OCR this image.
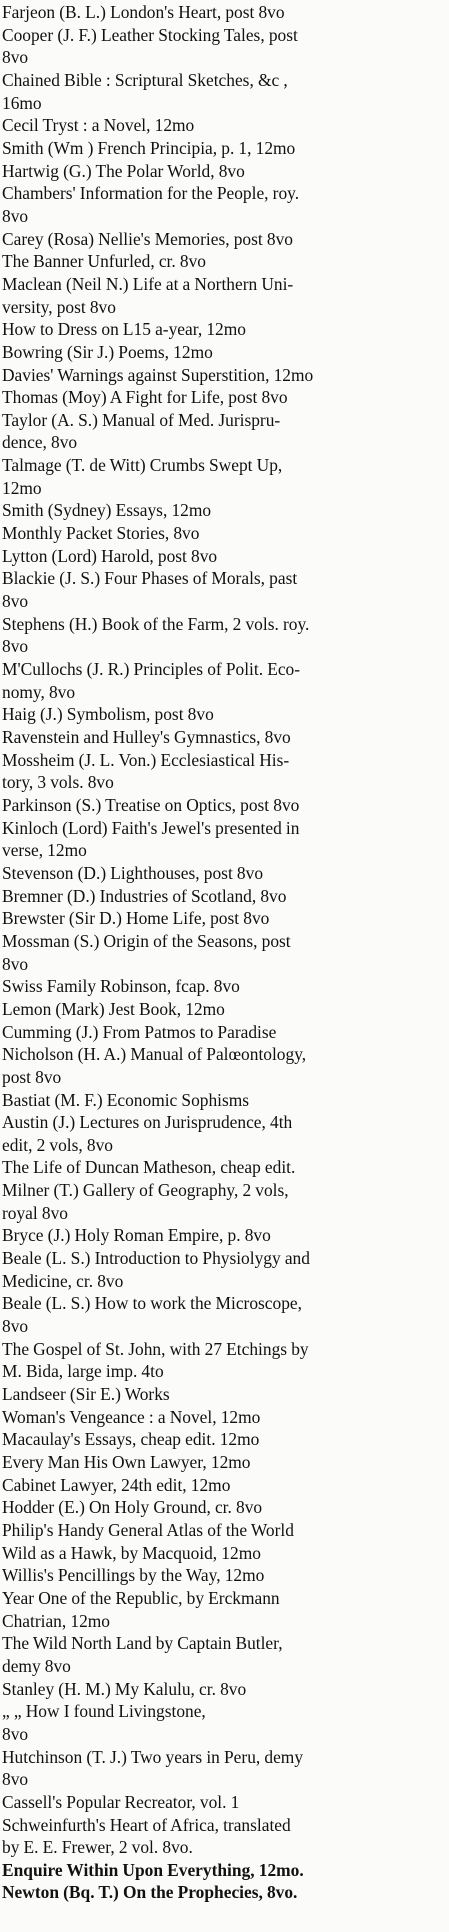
Farjeon (B. L.) London's Heart, post 8vo
Cooper (J. F.) Leather Stocking Tales, post
8vo
Chained Bible : Scriptural Sketches, &c ,
16mo
Cecil Tryst : a Novel, 12mo
Smith (Wm ) French Principia, p. 1, 12mo
Hartwig (G.) The Polar World, 8vo
Chambers' Information for the People, roy.
8vo
Carey (Rosa) Nellie's Memories, post 8vo
The Banner Unfurled, cr. 8vo
Maclean (Neil N.) Life at a Northern Uni-
versity, post 8vo
How to Dress on L15 a-year, 12mo
Bowring (Sir J.) Poems, 12mo
Davies' Warnings against Superstition, 12mo
Thomas (Moy) A Fight for Life, post 8vo
Taylor (A. S.) Manual of Med. Jurispru-
dence, 8vo
Talmage (T. de Witt) Crumbs Swept Up,
12mo
Smith (Sydney) Essays, 12mo
Monthly Packet Stories, 8vo
Lytton (Lord) Harold, post 8vo
Blackie (J. S.) Four Phases of Morals, past
8vo
Stephens (H.) Book of the Farm, 2 vols. roy.
8vo
M'Cullochs (J. R.) Principles of Polit. Eco-
nomy, 8vo
Haig (J.) Symbolism, post 8vo
Ravenstein and Hulley's Gymnastics, 8vo
Mossheim (J. L. Von.) Ecclesiastical His-
tory, 3 vols. 8vo
Parkinson (S.) Treatise on Optics, post 8vo
Kinloch (Lord) Faith's Jewel's presented in
verse, 12mo
Stevenson (D.) Lighthouses, post 8vo
Bremner (D.) Industries of Scotland, 8vo
Brewster (Sir D.) Home Life, post 8vo
Mossman (S.) Origin of the Seasons, post
8vo
Swiss Family Robinson, fcap. 8vo
Lemon (Mark) Jest Book, 12mo
Cumming (J.) From Patmos to Paradise
Nicholson (H. A.) Manual of Palœontology,
post 8vo
Bastiat (M. F.) Economic Sophisms
Austin (J.) Lectures on Jurisprudence, 4th
edit, 2 vols, 8vo
The Life of Duncan Matheson, cheap edit.
Milner (T.) Gallery of Geography, 2 vols,
royal 8vo
Bryce (J.) Holy Roman Empire, p. 8vo
Beale (L. S.) Introduction to Physiolygy and
Medicine, cr. 8vo
Beale (L. S.) How to work the Microscope,
8vo
The Gospel of St. John, with 27 Etchings by
M. Bida, large imp. 4to
Landseer (Sir E.) Works
Woman's Vengeance : a Novel, 12mo
Macaulay's Essays, cheap edit. 12mo
Every Man His Own Lawyer, 12mo
Cabinet Lawyer, 24th edit, 12mo
Hodder (E.) On Holy Ground, cr. 8vo
Philip's Handy General Atlas of the World
Wild as a Hawk, by Macquoid, 12mo
Willis's Pencillings by the Way, 12mo
Year One of the Republic, by Erckmann
Chatrian, 12mo
The Wild North Land by Captain Butler,
demy 8vo
Stanley (H. M.) My Kalulu, cr. 8vo
„ „ How I found Livingstone,
8vo
Hutchinson (T. J.) Two years in Peru, demy
8vo
Cassell's Popular Recreator, vol. 1
Schweinfurth's Heart of Africa, translated
by E. E. Frewer, 2 vol. 8vo.
Enquire Within Upon Everything, 12mo.
Newton (Bq. T.) On the Prophecies, 8vo.
